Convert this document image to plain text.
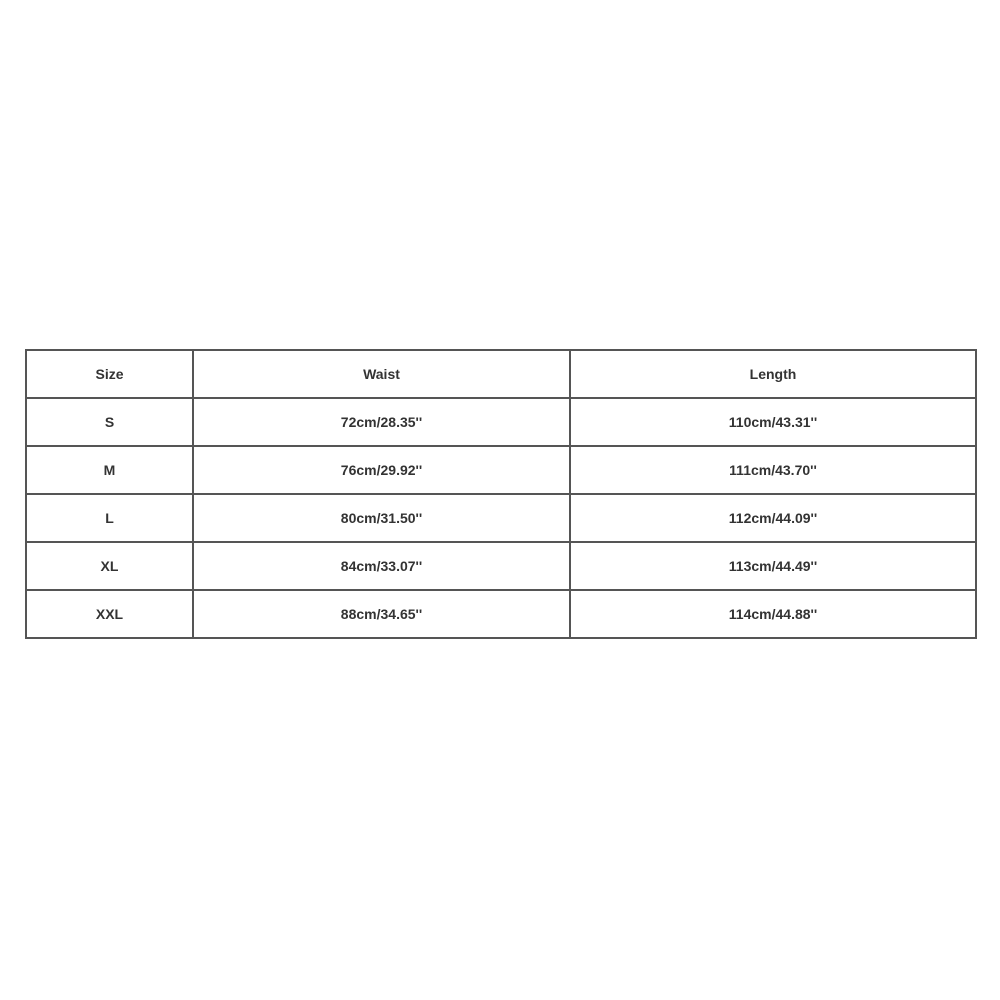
Size	Waist	Length
S	72cm/28.35''	110cm/43.31''
M	76cm/29.92''	111cm/43.70''
L	80cm/31.50''	112cm/44.09''
XL	84cm/33.07''	113cm/44.49''
XXL	88cm/34.65''	114cm/44.88''
